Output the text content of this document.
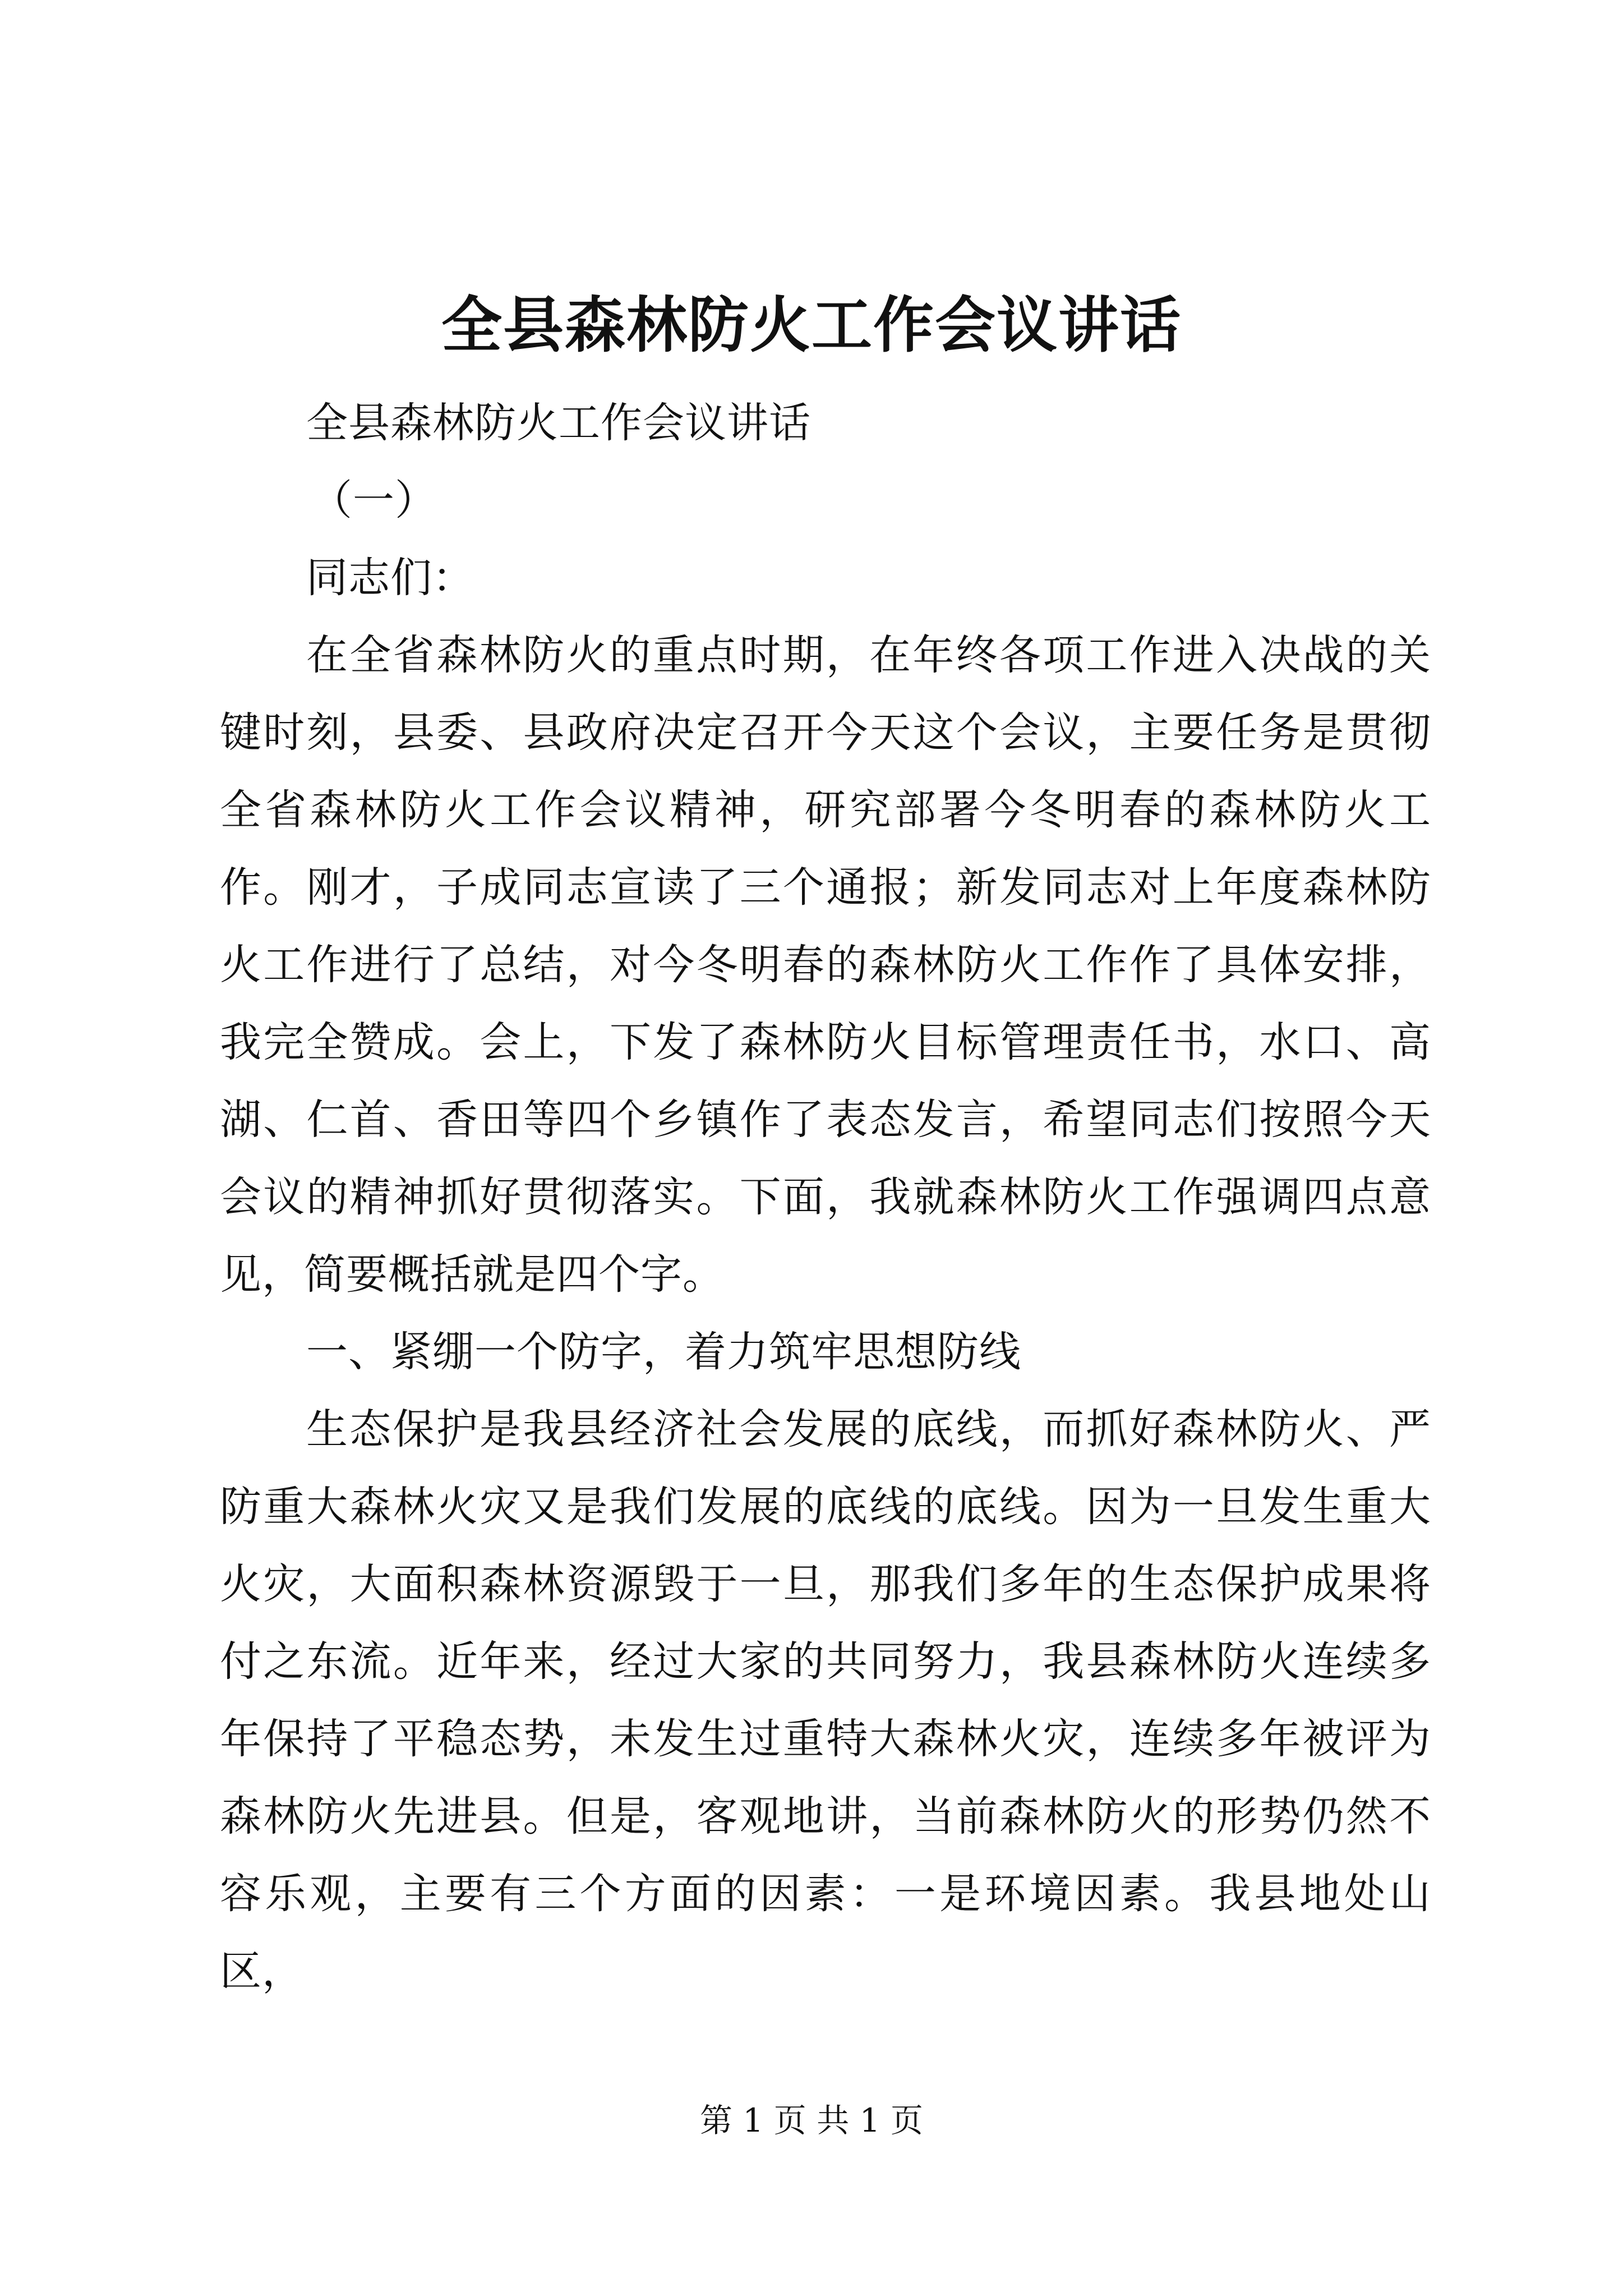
全县森林防火工作会议讲话

全县森林防火工作会议讲话

（一）

同志们：

在全省森林防火的重点时期，在年终各项工作进入决战的关键时刻，县委、县政府决定召开今天这个会议，主要任务是贯彻全省森林防火工作会议精神，研究部署今冬明春的森林防火工作。刚才，子成同志宣读了三个通报；新发同志对上年度森林防火工作进行了总结，对今冬明春的森林防火工作作了具体安排，我完全赞成。会上，下发了森林防火目标管理责任书，水口、高湖、仁首、香田等四个乡镇作了表态发言，希望同志们按照今天会议的精神抓好贯彻落实。下面，我就森林防火工作强调四点意见，简要概括就是四个字。

一、紧绷一个防字，着力筑牢思想防线

生态保护是我县经济社会发展的底线，而抓好森林防火、严防重大森林火灾又是我们发展的底线的底线。因为一旦发生重大火灾，大面积森林资源毁于一旦，那我们多年的生态保护成果将付之东流。近年来，经过大家的共同努力，我县森林防火连续多年保持了平稳态势，未发生过重特大森林火灾，连续多年被评为森林防火先进县。但是，客观地讲，当前森林防火的形势仍然不容乐观，主要有三个方面的因素：一是环境因素。我县地处山区，

第 1 页 共 1 页
